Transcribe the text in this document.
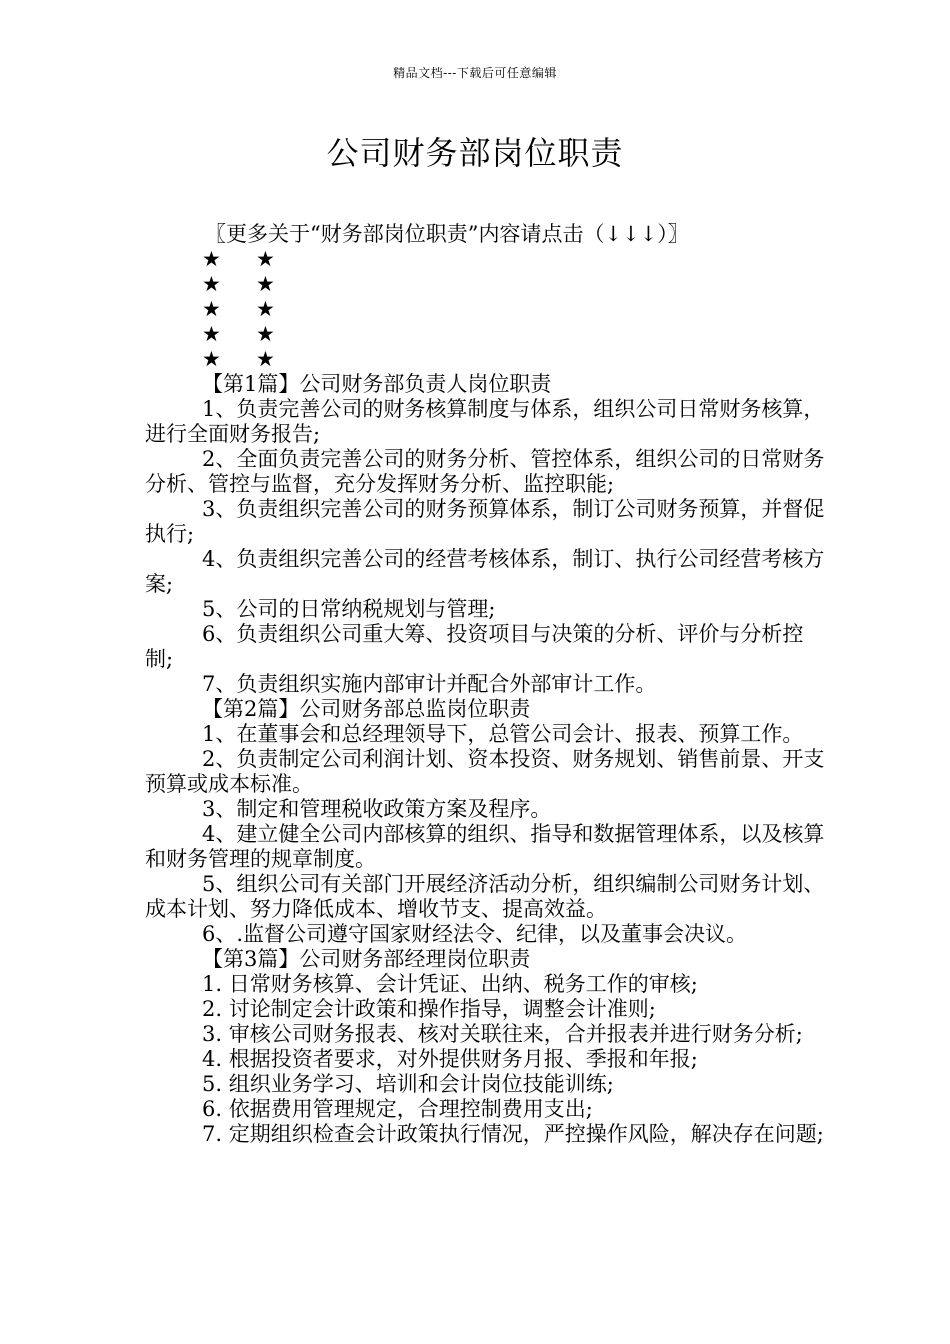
精品文档---下载后可任意编辑
公司财务部岗位职责
〖更多关于“财务部岗位职责”内容请点击（↓↓↓）〗
★ ★
★ ★
★ ★
★ ★
★ ★
【第1篇】公司财务部负责人岗位职责

1、负责完善公司的财务核算制度与体系，组织公司日常财务核算，进行全面财务报告;

2、全面负责完善公司的财务分析、管控体系，组织公司的日常财务分析、管控与监督，充分发挥财务分析、监控职能;

3、负责组织完善公司的财务预算体系，制订公司财务预算，并督促执行;

4、负责组织完善公司的经营考核体系，制订、执行公司经营考核方案;

5、公司的日常纳税规划与管理;

6、负责组织公司重大筹、投资项目与决策的分析、评价与分析控制;

7、负责组织实施内部审计并配合外部审计工作。

【第2篇】公司财务部总监岗位职责

1、在董事会和总经理领导下，总管公司会计、报表、预算工作。

2、负责制定公司利润计划、资本投资、财务规划、销售前景、开支预算或成本标准。

3、制定和管理税收政策方案及程序。

4、建立健全公司内部核算的组织、指导和数据管理体系，以及核算和财务管理的规章制度。

5、组织公司有关部门开展经济活动分析，组织编制公司财务计划、成本计划、努力降低成本、增收节支、提高效益。

6、.监督公司遵守国家财经法令、纪律，以及董事会决议。

【第3篇】公司财务部经理岗位职责

1. 日常财务核算、会计凭证、出纳、税务工作的审核;

2. 讨论制定会计政策和操作指导，调整会计准则;

3. 审核公司财务报表、核对关联往来，合并报表并进行财务分析;

4. 根据投资者要求，对外提供财务月报、季报和年报;

5. 组织业务学习、培训和会计岗位技能训练;

6. 依据费用管理规定，合理控制费用支出;

7. 定期组织检查会计政策执行情况，严控操作风险，解决存在问题;
